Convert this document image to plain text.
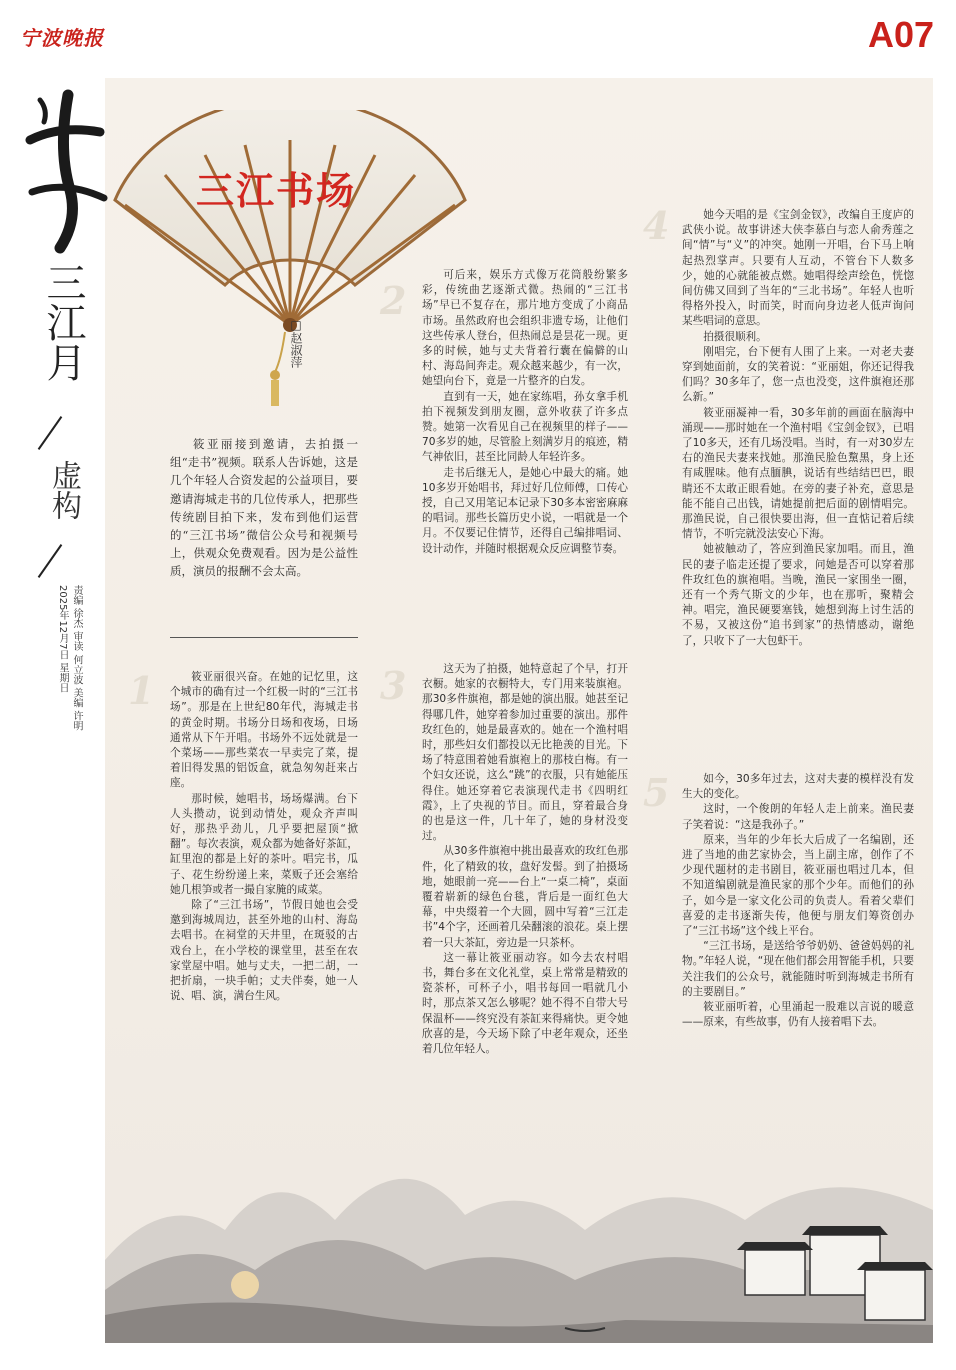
宁波晚报	A07
三江月
虚构
责编 徐杰 审读 何立波 美编 许明
2025年12月7日 星期日
三江书场
□赵淑萍

筱亚丽接到邀请，去拍摄一组“走书”视频。联系人告诉她，这是几个年轻人合资发起的公益项目，要邀请海城走书的几位传承人，把那些传统剧目拍下来，发布到他们运营的“三江书场”微信公众号和视频号上，供观众免费观看。因为是公益性质，演员的报酬不会太高。

1	筱亚丽很兴奋。在她的记忆里，这个城市的确有过一个红极一时的“三江书场”。那是在上世纪80年代，海城走书的黄金时期。书场分日场和夜场，日场通常从下午开唱。书场外不远处就是一个菜场——那些菜农一早卖完了菜，提着旧得发黑的铝饭盒，就急匆匆赶来占座。

那时候，她唱书，场场爆满。台下人头攒动，说到动情处，观众齐声叫好，那热乎劲儿，几乎要把屋顶“掀翻”。每次表演，观众都为她备好茶缸，缸里泡的都是上好的茶叶。唱完书，瓜子、花生纷纷递上来，菜贩子还会塞给她几根笋或者一撮自家腌的咸菜。

除了“三江书场”，节假日她也会受邀到海城周边，甚至外地的山村、海岛去唱书。在祠堂的天井里，在斑驳的古戏台上，在小学校的课堂里，甚至在农家堂屋中唱。她与丈夫，一把二胡，一把折扇，一块手帕；丈夫伴奏，她一人说、唱、演，满台生风。

2

可后来，娱乐方式像万花筒般纷繁多彩，传统曲艺逐渐式微。热闹的“三江书场”早已不复存在，那片地方变成了小商品市场。虽然政府也会组织非遗专场，让他们这些传承人登台，但热闹总是昙花一现。更多的时候，她与丈夫背着行囊在偏僻的山村、海岛间奔走。观众越来越少，有一次，她望向台下，竟是一片整齐的白发。

直到有一天，她在家练唱，孙女拿手机拍下视频发到朋友圈，意外收获了许多点赞。她第一次看见自己在视频里的样子——70多岁的她，尽管脸上刻满岁月的痕迹，精气神依旧，甚至比同龄人年轻许多。

走书后继无人，是她心中最大的痛。她10多岁开始唱书，拜过好几位师傅，口传心授，自己又用笔记本记录下30多本密密麻麻的唱词。那些长篇历史小说，一唱就是一个月。不仅要记住情节，还得自己编排唱词、设计动作，并随时根据观众反应调整节奏。

3	这天为了拍摄，她特意起了个早，打开衣橱。她家的衣橱特大，专门用来装旗袍。那30多件旗袍，都是她的演出服。她甚至记得哪几件，她穿着参加过重要的演出。那件玫红色的，她是最喜欢的。她在一个渔村唱时，那些妇女们都投以无比艳羡的目光。下场了特意围着她看旗袍上的那枝白梅。有一个妇女还说，这么“跳”的衣服，只有她能压得住。她还穿着它表演现代走书《四明红霞》，上了央视的节目。而且，穿着最合身的也是这一件，几十年了，她的身材没变过。

从30多件旗袍中挑出最喜欢的玫红色那件，化了精致的妆，盘好发髻。到了拍摄场地，她眼前一亮——台上“一桌二椅”，桌面覆着崭新的绿色台毯，背后是一面红色大幕，中央缀着一个大圆，圆中写着“三江走书”4个字，还画着几朵翻滚的浪花。桌上摆着一只大茶缸，旁边是一只茶杯。

这一幕让筱亚丽动容。如今去农村唱书，舞台多在文化礼堂，桌上常常是精致的瓷茶杯，可杯子小，唱书每回一唱就几小时，那点茶又怎么够呢？她不得不自带大号保温杯——终究没有茶缸来得痛快。更令她欣喜的是，今天场下除了中老年观众，还坐着几位年轻人。

4	她今天唱的是《宝剑金钗》，改编自王度庐的武侠小说。故事讲述大侠李慕白与恋人俞秀莲之间“情”与“义”的冲突。她刚一开唱，台下马上响起热烈掌声。只要有人互动，不管台下人数多少，她的心就能被点燃。她唱得绘声绘色，恍惚间仿佛又回到了当年的“三北书场”。年轻人也听得格外投入，时而笑，时而向身边老人低声询问某些唱词的意思。

拍摄很顺利。

刚唱完，台下便有人围了上来。一对老夫妻穿到她面前，女的笑着说：“亚丽姐，你还记得我们吗？30多年了，您一点也没变，这件旗袍还那么新。”

筱亚丽凝神一看，30多年前的画面在脑海中涌现——那时她在一个渔村唱《宝剑金钗》，已唱了10多天，还有几场没唱。当时，有一对30岁左右的渔民夫妻来找她。那渔民脸色黧黑，身上还有咸腥味。他有点腼腆，说话有些结结巴巴，眼睛还不太敢正眼看她。在旁的妻子补充，意思是能不能自己出钱，请她提前把后面的剧情唱完。那渔民说，自己很快要出海，但一直惦记着后续情节，不听完就没法安心下海。

她被触动了，答应到渔民家加唱。而且，渔民的妻子临走还提了要求，问她是否可以穿着那件玫红色的旗袍唱。当晚，渔民一家围坐一圈，还有一个秀气斯文的少年，也在那听，聚精会神。唱完，渔民硬要塞钱，她想到海上讨生活的不易，又被这份“追书到家”的热情感动，谢绝了，只收下了一大包虾干。

5	如今，30多年过去，这对夫妻的模样没有发生大的变化。

这时，一个俊朗的年轻人走上前来。渔民妻子笑着说：“这是我孙子。”

原来，当年的少年长大后成了一名编剧，还进了当地的曲艺家协会，当上副主席，创作了不少现代题材的走书剧目，筱亚丽也唱过几本，但不知道编剧就是渔民家的那个少年。而他们的孙子，如今是一家文化公司的负责人。看着父辈们喜爱的走书逐渐失传，他便与朋友们筹资创办了“三江书场”这个线上平台。

“三江书场，是送给爷爷奶奶、爸爸妈妈的礼物。”年轻人说，“现在他们都会用智能手机，只要关注我们的公众号，就能随时听到海城走书所有的主要剧目。”

筱亚丽听着，心里涌起一股难以言说的暖意——原来，有些故事，仍有人接着唱下去。
